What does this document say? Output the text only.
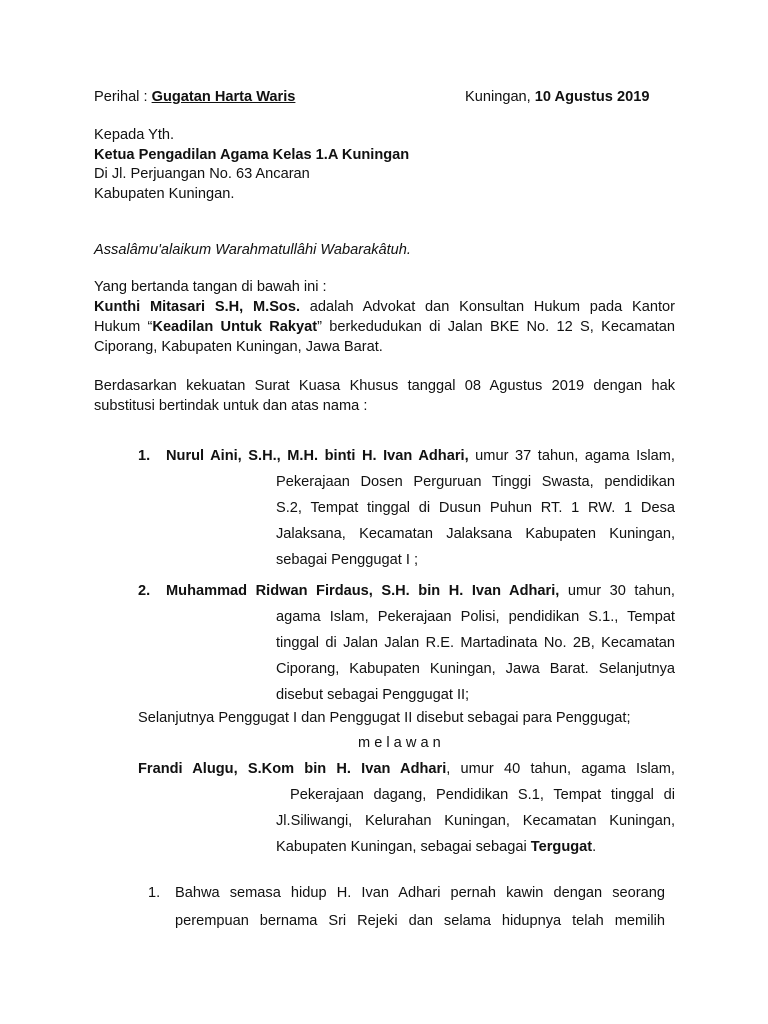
Perihal : Gugatan Harta Waris	Kuningan, 10 Agustus 2019
Kepada Yth.
Ketua Pengadilan Agama Kelas 1.A Kuningan
Di Jl. Perjuangan No. 63 Ancaran
Kabupaten Kuningan.
Assalâmu'alaikum Warahmatullâhi Wabarakâtuh.
Yang bertanda tangan di bawah ini :
Kunthi Mitasari S.H, M.Sos. adalah Advokat dan Konsultan Hukum pada Kantor
Hukum “Keadilan Untuk Rakyat” berkedudukan di Jalan BKE No. 12 S, Kecamatan
Ciporang, Kabupaten Kuningan, Jawa Barat.
Berdasarkan kekuatan Surat Kuasa Khusus tanggal 08 Agustus 2019 dengan hak
substitusi bertindak untuk dan atas nama :
1. Nurul Aini, S.H., M.H. binti H. Ivan Adhari, umur 37 tahun, agama Islam,
Pekerajaan Dosen Perguruan Tinggi Swasta, pendidikan
S.2, Tempat tinggal di Dusun Puhun RT. 1 RW. 1 Desa
Jalaksana, Kecamatan Jalaksana Kabupaten Kuningan,
sebagai Penggugat I ;
2. Muhammad Ridwan Firdaus, S.H. bin H. Ivan Adhari, umur 30 tahun,
agama Islam, Pekerajaan Polisi, pendidikan S.1., Tempat
tinggal di Jalan Jalan R.E. Martadinata No. 2B, Kecamatan
Ciporang, Kabupaten Kuningan, Jawa Barat. Selanjutnya
disebut sebagai Penggugat II;
Selanjutnya Penggugat I dan Penggugat II disebut sebagai para Penggugat;
m e l a w a n
Frandi Alugu, S.Kom bin H. Ivan Adhari, umur 40 tahun, agama Islam,
Pekerajaan dagang, Pendidikan S.1, Tempat tinggal di
Jl.Siliwangi, Kelurahan Kuningan, Kecamatan Kuningan,
Kabupaten Kuningan, sebagai sebagai Tergugat.
1. Bahwa semasa hidup H. Ivan Adhari pernah kawin dengan seorang
perempuan bernama Sri Rejeki dan selama hidupnya telah memilih
